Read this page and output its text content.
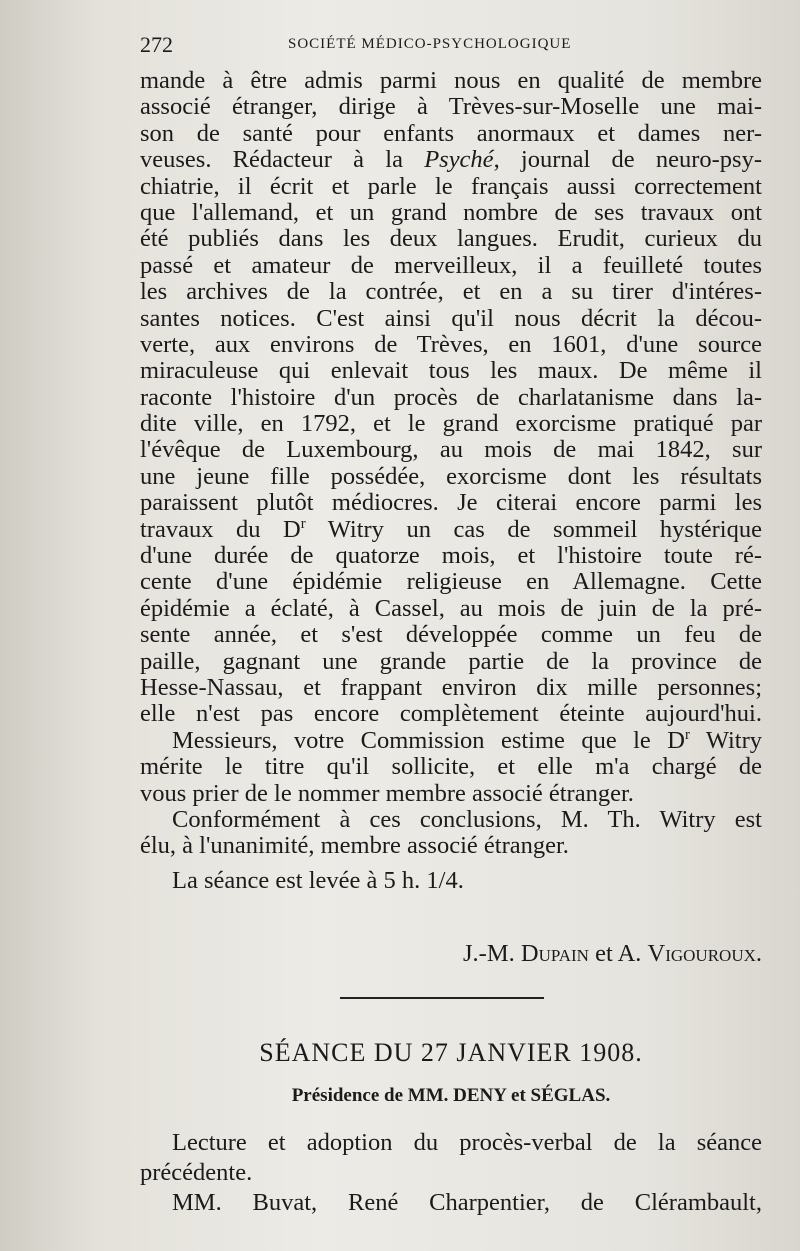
272	SOCIÉTÉ MÉDICO-PSYCHOLOGIQUE
mande à être admis parmi nous en qualité de membre
associé étranger, dirige à Trèves-sur-Moselle une mai-
son de santé pour enfants anormaux et dames ner-
veuses. Rédacteur à la Psyché, journal de neuro-psy-
chiatrie, il écrit et parle le français aussi correctement
que l'allemand, et un grand nombre de ses travaux ont
été publiés dans les deux langues. Erudit, curieux du
passé et amateur de merveilleux, il a feuilleté toutes
les archives de la contrée, et en a su tirer d'intéres-
santes notices. C'est ainsi qu'il nous décrit la décou-
verte, aux environs de Trèves, en 1601, d'une source
miraculeuse qui enlevait tous les maux. De même il
raconte l'histoire d'un procès de charlatanisme dans la-
dite ville, en 1792, et le grand exorcisme pratiqué par
l'évêque de Luxembourg, au mois de mai 1842, sur
une jeune fille possédée, exorcisme dont les résultats
paraissent plutôt médiocres. Je citerai encore parmi les
travaux du $D^r$ Witry un cas de sommeil hystérique
d'une durée de quatorze mois, et l'histoire toute ré-
cente d'une épidémie religieuse en Allemagne. Cette
épidémie a éclaté, à Cassel, au mois de juin de la pré-
sente année, et s'est développée comme un feu de
paille, gagnant une grande partie de la province de
Hesse-Nassau, et frappant environ dix mille personnes;
elle n'est pas encore complètement éteinte aujourd'hui.
Messieurs, votre Commission estime que le $D^r$ Witry
mérite le titre qu'il sollicite, et elle m'a chargé de
vous prier de le nommer membre associé étranger.
Conformément à ces conclusions, M. Th. Witry est
élu, à l'unanimité, membre associé étranger.
La séance est levée à 5 h. 1/4.
J.-M. Dupain et A. Vigouroux.
SÉANCE DU 27 JANVIER 1908.
Présidence de MM. DENY et SÉGLAS.
Lecture et adoption du procès-verbal de la séance
précédente.
MM. Buvat, René Charpentier, de Clérambault,
